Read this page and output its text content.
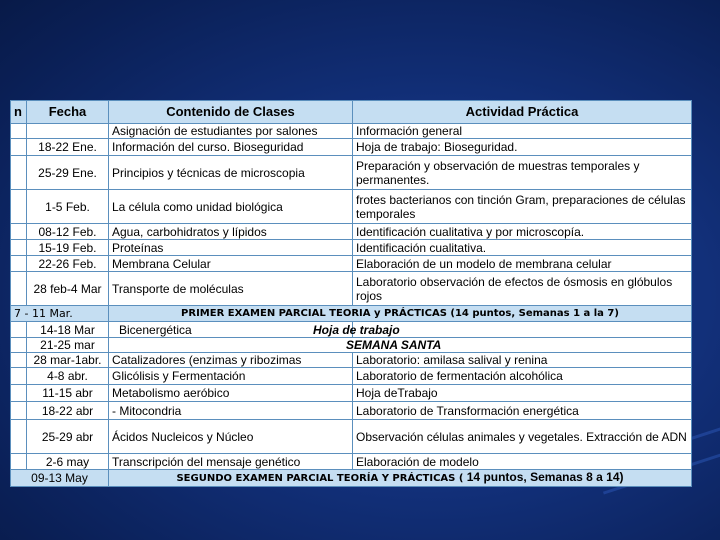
n	Fecha	Contenido de Clases	Actividad Práctica
		Asignación de estudiantes por salones	Información general
	18-22 Ene.	Información del curso. Bioseguridad	Hoja de trabajo: Bioseguridad.
	25-29 Ene.	Principios y técnicas de microscopia	Preparación y observación de muestras temporales y permanentes.
	1-5 Feb.	La célula como unidad biológica	frotes bacterianos con tinción Gram, preparaciones de células temporales
	08-12 Feb.	Agua, carbohidratos y lípidos	Identificación cualitativa y por microscopía.
	15-19 Feb.	Proteínas	Identificación cualitativa.
	22-26 Feb.	Membrana Celular	Elaboración de un modelo de membrana celular
	28 feb-4 Mar	Transporte de moléculas	Laboratorio observación de efectos de ósmosis en glóbulos rojos
7 - 11 Mar.	PRIMER EXAMEN PARCIAL TEORIA y PRÁCTICAS (14 puntos, Semanas 1 a la 7)
	14-18 Mar	Bicenergética	Hoja de trabajo
	21-25 mar	SEMANA SANTA
	28 mar-1abr.	Catalizadores (enzimas y ribozimas	Laboratorio: amilasa salival y renina
	4-8 abr.	Glicólisis y Fermentación	Laboratorio de fermentación alcohólica
	11-15 abr	Metabolismo aeróbico	Hoja deTrabajo
	18-22 abr	- Mitocondria	Laboratorio de Transformación energética
	25-29 abr	Ácidos Nucleicos y Núcleo	Observación células animales y vegetales. Extracción de ADN
	2-6 may	Transcripción del mensaje genético	Elaboración de modelo
09-13 May	SEGUNDO EXAMEN PARCIAL TEORÍA Y PRÁCTICAS ( 14 puntos, Semanas 8 a 14)
